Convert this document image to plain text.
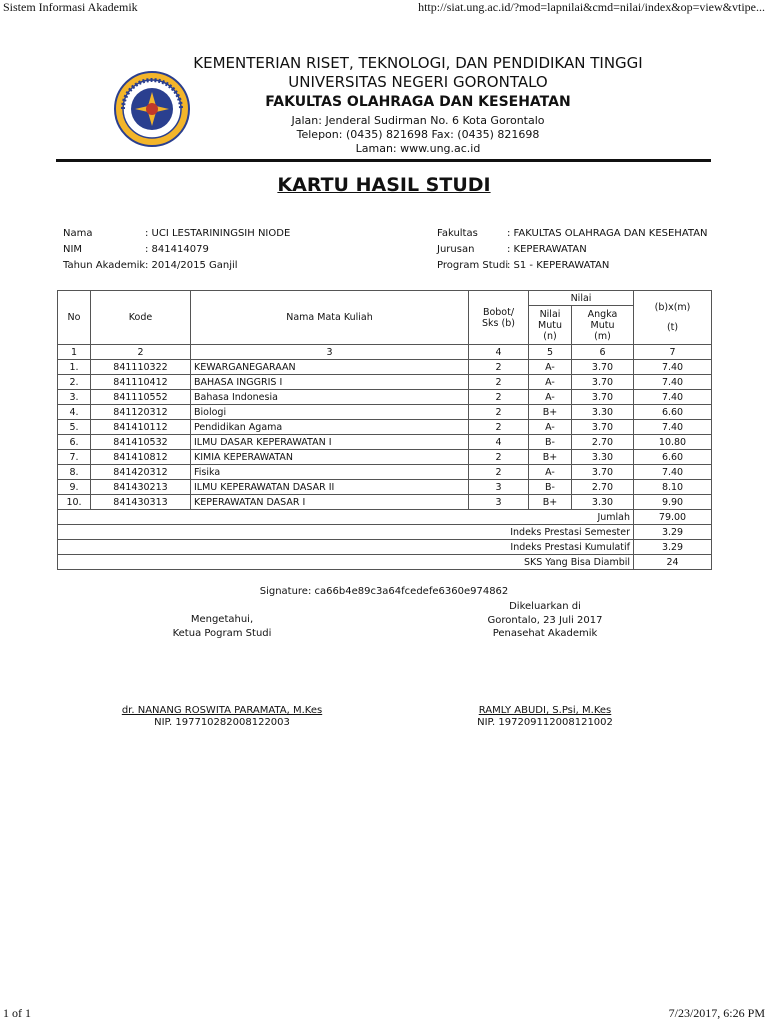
Sistem Informasi Akademik	http://siat.ung.ac.id/?mod=lapnilai&cmd=nilai/index&op=view&vtipe...
1 of 1	7/23/2017, 6:26 PM
KEMENTERIAN RISET, TEKNOLOGI, DAN PENDIDIKAN TINGGI
UNIVERSITAS NEGERI GORONTALO
FAKULTAS OLAHRAGA DAN KESEHATAN
Jalan: Jenderal Sudirman No. 6 Kota Gorontalo
Telepon: (0435) 821698 Fax: (0435) 821698
Laman: www.ung.ac.id
KARTU HASIL STUDI
Nama	: UCI LESTARININGSIH NIODE
NIM	: 841414079
Tahun Akademik : 2014/2015 Ganjil
Fakultas	: FAKULTAS OLAHRAGA DAN KESEHATAN
Jurusan	: KEPERAWATAN
Program Studi
: S1 - KEPERAWATAN
No	Kode	Nama Mata Kuliah	Bobot/ Sks (b)	Nilai		(b)x(m)
(t)

				Nilai Mutu (n)	Angka Mutu (m)	
1	2	3	4	5	6	7
1.	841110322	KEWARGANEGARAAN	2	A-	3.70	7.40
2.	841110412	BAHASA INGGRIS I	2	A-	3.70	7.40
3.	841110552	Bahasa Indonesia	2	A-	3.70	7.40
4.	841120312	Biologi	2	B+	3.30	6.60
5.	841410112	Pendidikan Agama	2	A-	3.70	7.40
6.	841410532	ILMU DASAR KEPERAWATAN I	4	B-	2.70	10.80
7.	841410812	KIMIA KEPERAWATAN	2	B+	3.30	6.60
8.	841420312	Fisika	2	A-	3.70	7.40
9.	841430213	ILMU KEPERAWATAN DASAR II	3	B-	2.70	8.10
10.	841430313	KEPERAWATAN DASAR I	3	B+	3.30	9.90
Jumlah						79.00
Indeks Prestasi Semester						3.29
Indeks Prestasi Kumulatif						3.29
SKS Yang Bisa Diambil						24
Signature: ca66b4e89c3a64fcedefe6360e974862
Mengetahui,
Ketua Pogram Studi
dr. NANANG ROSWITA PARAMATA, M.Kes
NIP. 197710282008122003
Dikeluarkan di
Gorontalo, 23 Juli 2017
Penasehat Akademik
RAMLY ABUDI, S.Psi, M.Kes
NIP. 197209112008121002
